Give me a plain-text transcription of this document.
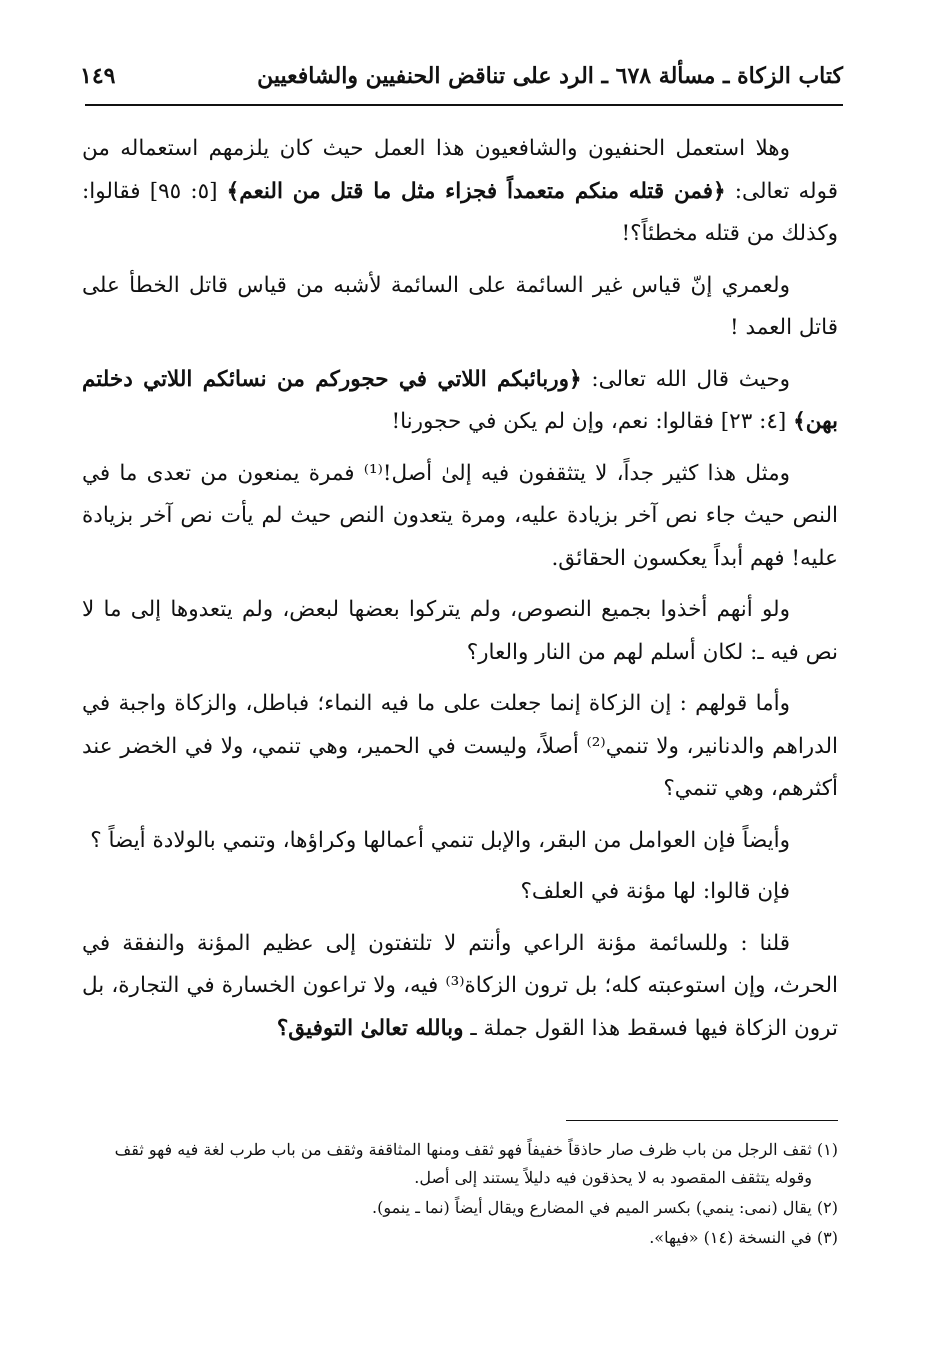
كتاب الزكاة ـ مسألة ٦٧٨ ـ الرد على تناقض الحنفيين والشافعيين
١٤٩

وهلا استعمل الحنفيون والشافعيون هذا العمل حيث كان يلزمهم استعماله من قوله تعالى: ﴿فمن قتله منكم متعمداً فجزاء مثل ما قتل من النعم﴾ [٥: ٩٥] فقالوا: وكذلك من قتله مخطئاً؟!

ولعمري إنّ قياس غير السائمة على السائمة لأشبه من قياس قاتل الخطأ على قاتل العمد !

وحيث قال الله تعالى: ﴿وربائبكم اللاتي في حجوركم من نسائكم اللاتي دخلتم بهن﴾ [٤: ٢٣] فقالوا: نعم، وإن لم يكن في حجورنا!

ومثل هذا كثير جداً، لا يتثقفون فيه إلىٰ أصل!⁽¹⁾ فمرة يمنعون من تعدى ما في النص حيث جاء نص آخر بزيادة عليه، ومرة يتعدون النص حيث لم يأت نص آخر بزيادة عليه! فهم أبداً يعكسون الحقائق.

ولو أنهم أخذوا بجميع النصوص، ولم يتركوا بعضها لبعض، ولم يتعدوها إلى ما لا نص فيه ـ: لكان أسلم لهم من النار والعار؟

وأما قولهم : إن الزكاة إنما جعلت على ما فيه النماء؛ فباطل، والزكاة واجبة في الدراهم والدنانير، ولا تنمي⁽²⁾ أصلاً، وليست في الحمير، وهي تنمي، ولا في الخضر عند أكثرهم، وهي تنمي؟

وأيضاً فإن العوامل من البقر، والإبل تنمي أعمالها وكراؤها، وتنمي بالولادة أيضاً ؟

فإن قالوا: لها مؤنة في العلف؟

قلنا : وللسائمة مؤنة الراعي وأنتم لا تلتفتون إلى عظيم المؤنة والنفقة في الحرث، وإن استوعبته كله؛ بل ترون الزكاة⁽³⁾ فيه، ولا تراعون الخسارة في التجارة، بل ترون الزكاة فيها فسقط هذا القول جملة ـ وبالله تعالىٰ التوفيق؟

(١) ثقف الرجل من باب ظرف صار حاذقاً خفيفاً فهو ثقف ومنها المثاقفة وثقف من باب طرب لغة فيه فهو ثقف
وقوله يتثقف المقصود به لا يحذقون فيه دليلاً يستند إلى أصل.

(٢) يقال (نمى: ينمي) بكسر الميم في المضارع ويقال أيضاً (نما ـ ينمو).

(٣) في النسخة (١٤) «فيها».
